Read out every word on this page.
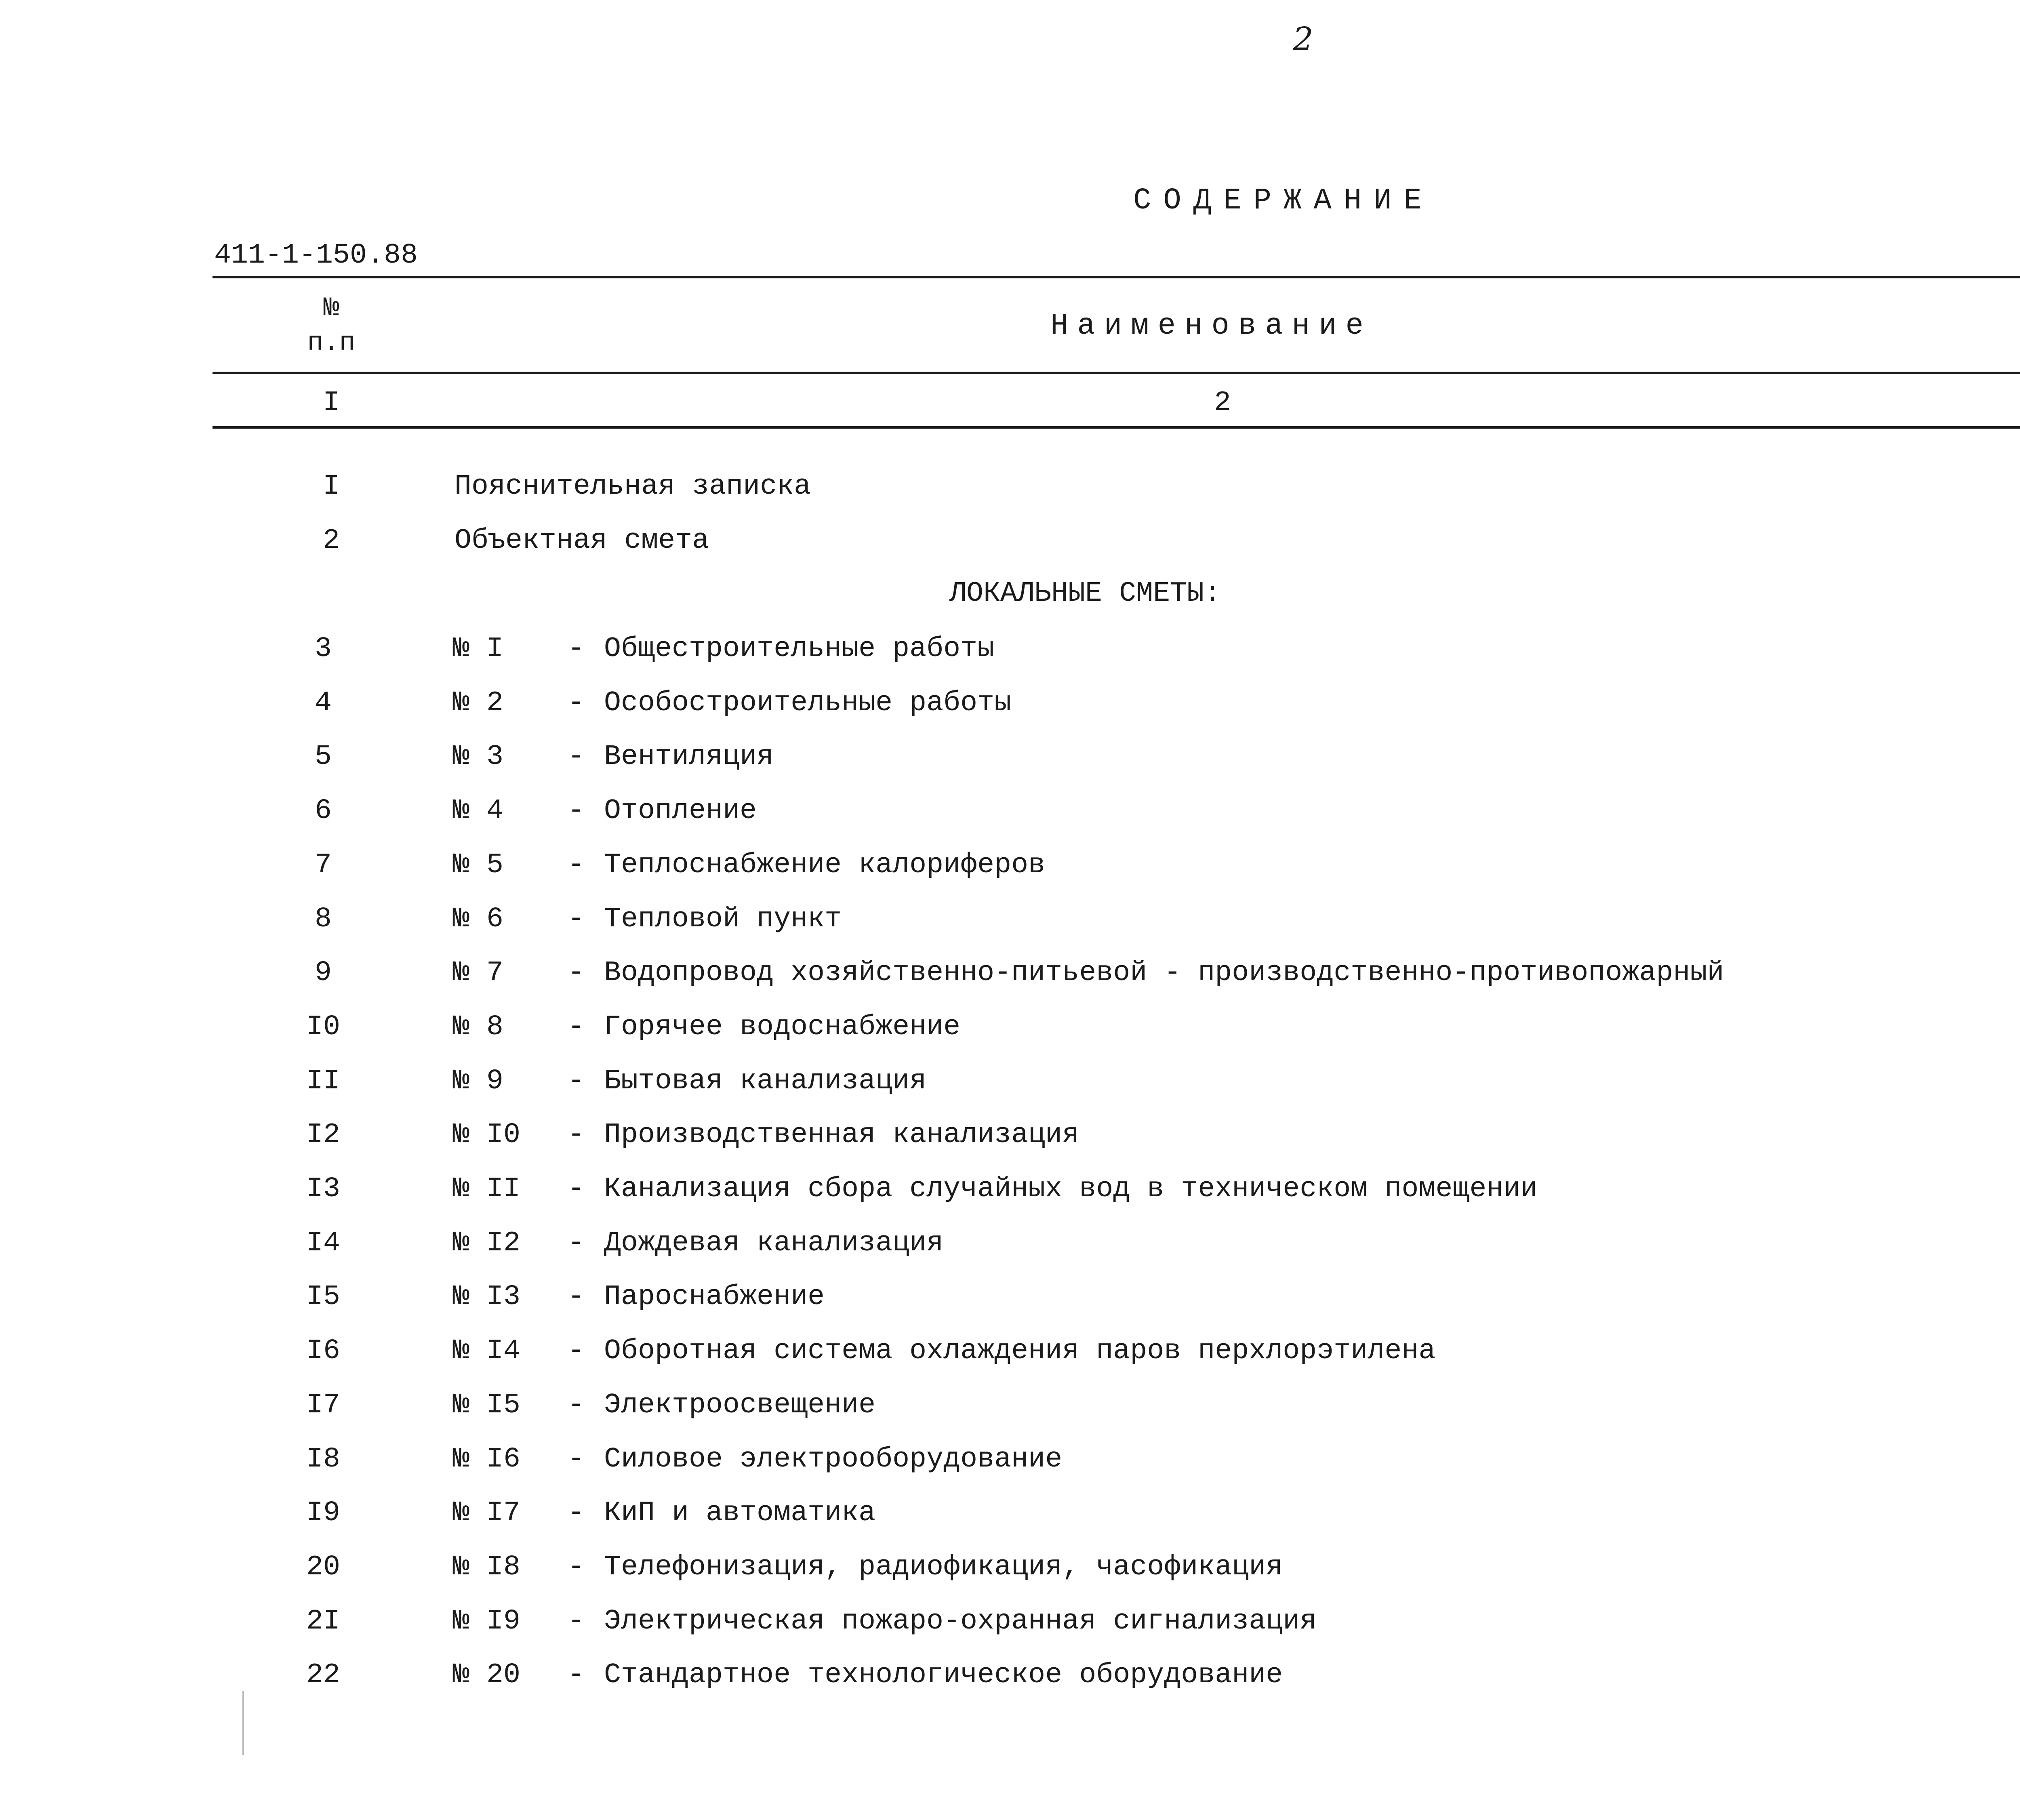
2
СОДЕРЖАНИЕ
411-1-150.88
№
п.п	Наименование
I	2
I	Пояснительная записка
2	Объектная смета
ЛОКАЛЬНЫЕ СМЕТЫ:
3	№ I - Общестроительные работы
4	№ 2 - Особостроительные работы
5	№ 3 - Вентиляция
6	№ 4 - Отопление
7	№ 5 - Теплоснабжение калориферов
8	№ 6 - Тепловой пункт
9	№ 7 - Водопровод хозяйственно-питьевой - производственно-противопожарный
I0	№ 8 - Горячее водоснабжение
II	№ 9 - Бытовая канализация
I2	№ I0 - Производственная канализация
I3	№ II - Канализация сбора случайных вод в техническом помещении
I4	№ I2 - Дождевая канализация
I5	№ I3 - Пароснабжение
I6	№ I4 - Оборотная система охлаждения паров перхлорэтилена
I7	№ I5 - Электроосвещение
I8	№ I6 - Силовое электрооборудование
I9	№ I7 - КиП и автоматика
20	№ I8 - Телефонизация, радиофикация, часофикация
2I	№ I9 - Электрическая пожаро-охранная сигнализация
22	№ 20 - Стандартное технологическое оборудование
